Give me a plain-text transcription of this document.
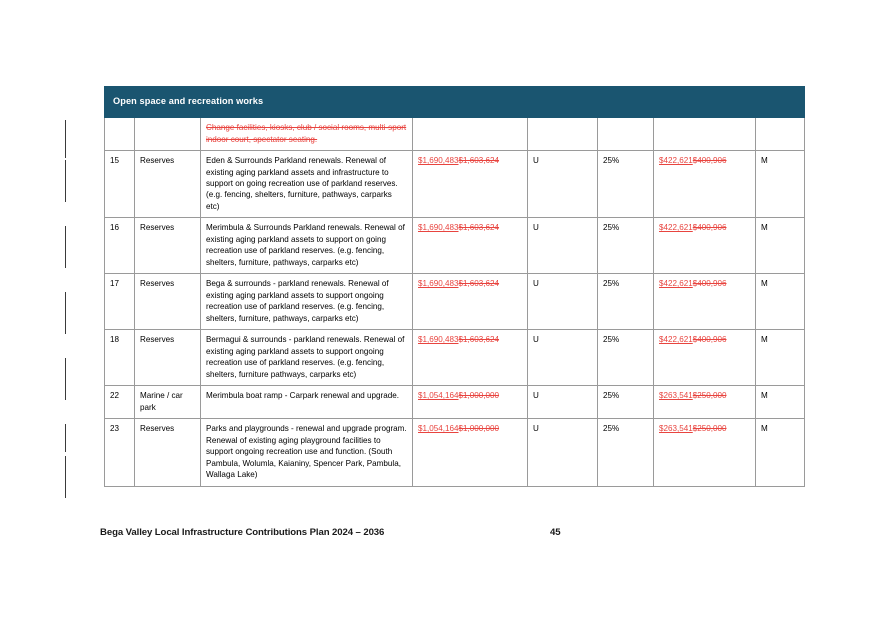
Open space and recreation works							
		Change facilities, kiosks, club / social rooms, multi-sport indoor court, spectator seating.					
15	Reserves	Eden & Surrounds Parkland renewals. Renewal of existing aging parkland assets and infrastructure to support on going recreation use of parkland reserves. (e.g. fencing, shelters, furniture, pathways, carparks etc)	$1,690,483$1,603,624	U	25%	$422,621$400,906	M
16	Reserves	Merimbula & Surrounds Parkland renewals. Renewal of existing aging parkland assets to support on going recreation use of parkland reserves. (e.g. fencing, shelters, furniture, pathways, carparks etc)	$1,690,483$1,603,624	U	25%	$422,621$400,906	M
17	Reserves	Bega & surrounds - parkland renewals. Renewal of existing aging parkland assets to support ongoing recreation use of parkland reserves. (e.g. fencing, shelters, furniture, pathways, carparks etc)	$1,690,483$1,603,624	U	25%	$422,621$400,906	M
18	Reserves	Bermagui & surrounds - parkland renewals. Renewal of existing aging parkland assets to support ongoing recreation use of parkland reserves. (e.g. fencing, shelters, furniture pathways, carparks etc)	$1,690,483$1,603,624	U	25%	$422,621$400,906	M
22	Marine / car park	Merimbula boat ramp - Carpark renewal and upgrade.	$1,054,164$1,000,000	U	25%	$263,541$250,000	M
23	Reserves	Parks and playgrounds - renewal and upgrade program. Renewal of existing aging playground facilities to support ongoing recreation use and function. (South Pambula, Wolumla, Kaianiny, Spencer Park, Pambula, Wallaga Lake)	$1,054,164$1,000,000	U	25%	$263,541$250,000	M
Bega Valley Local Infrastructure Contributions Plan 2024 – 2036	45
